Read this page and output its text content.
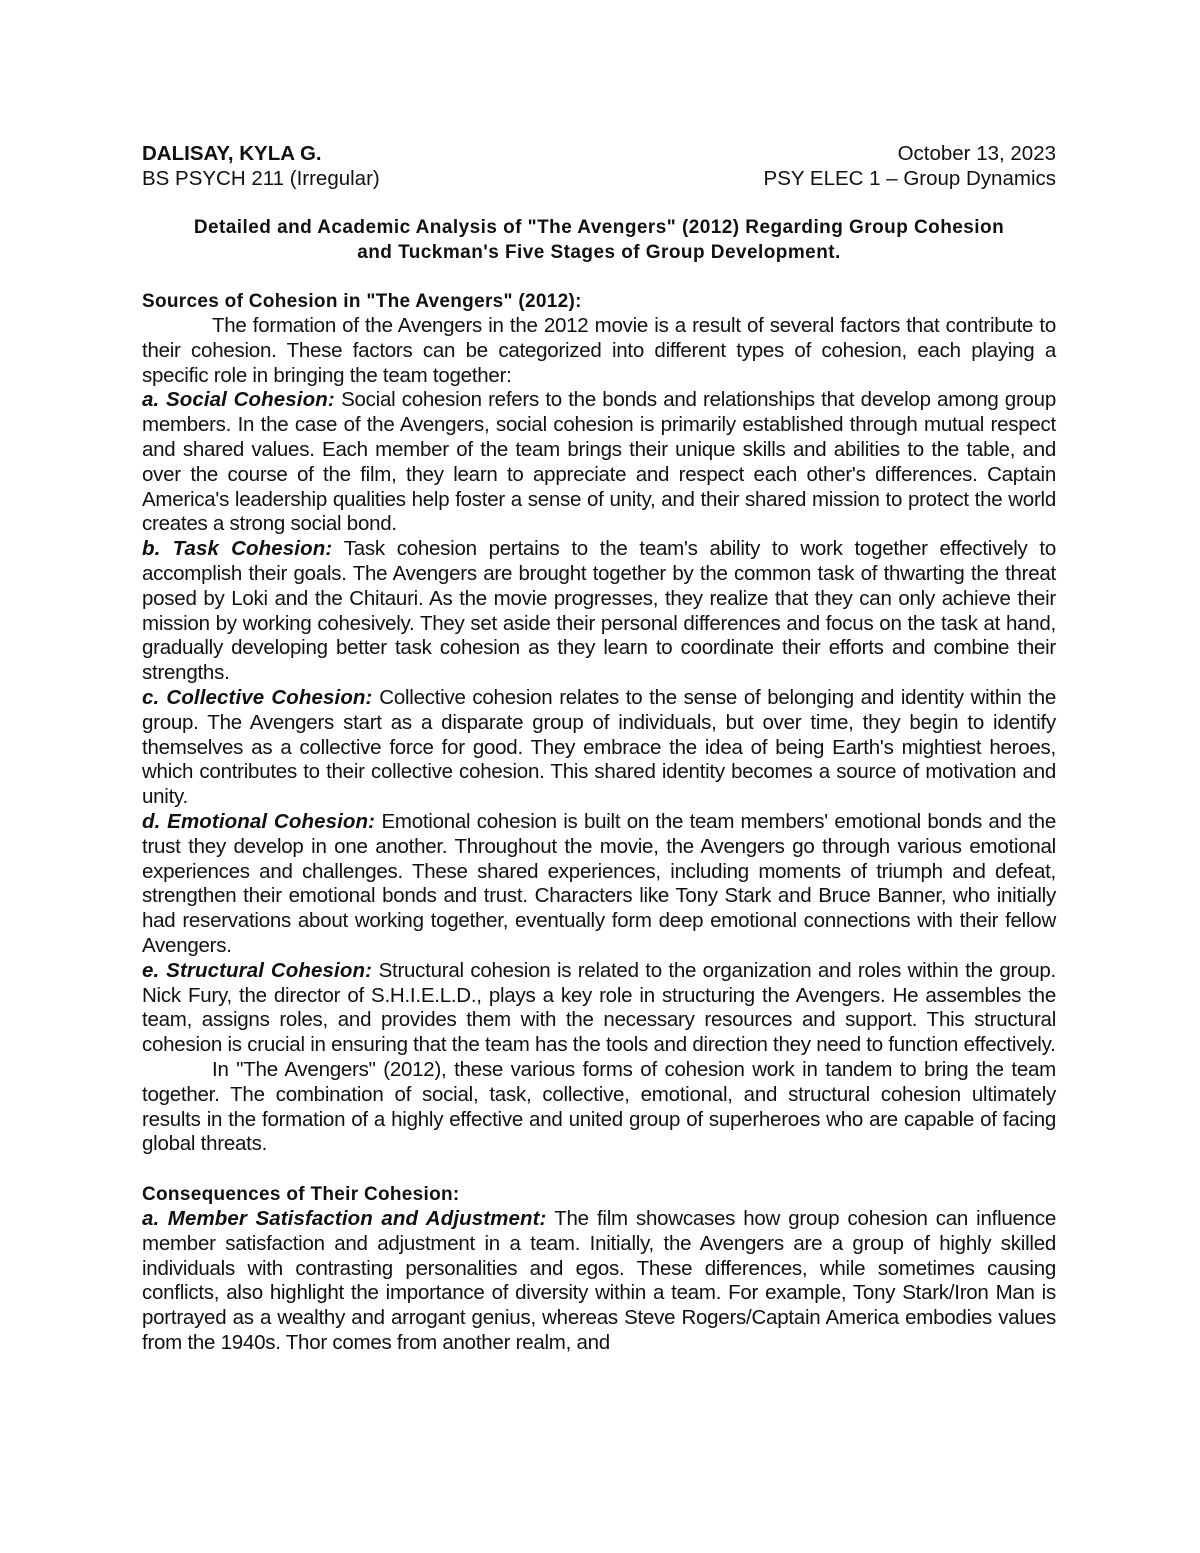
DALISAY, KYLA G.	October 13, 2023
BS PSYCH 211 (Irregular)	PSY ELEC 1 – Group Dynamics
Detailed and Academic Analysis of "The Avengers" (2012) Regarding Group Cohesion
and Tuckman's Five Stages of Group Development.
Sources of Cohesion in "The Avengers" (2012):

The formation of the Avengers in the 2012 movie is a result of several factors that contribute to their cohesion. These factors can be categorized into different types of cohesion, each playing a specific role in bringing the team together:

a. Social Cohesion: Social cohesion refers to the bonds and relationships that develop among group members. In the case of the Avengers, social cohesion is primarily established through mutual respect and shared values. Each member of the team brings their unique skills and abilities to the table, and over the course of the film, they learn to appreciate and respect each other's differences. Captain America's leadership qualities help foster a sense of unity, and their shared mission to protect the world creates a strong social bond.

b. Task Cohesion: Task cohesion pertains to the team's ability to work together effectively to accomplish their goals. The Avengers are brought together by the common task of thwarting the threat posed by Loki and the Chitauri. As the movie progresses, they realize that they can only achieve their mission by working cohesively. They set aside their personal differences and focus on the task at hand, gradually developing better task cohesion as they learn to coordinate their efforts and combine their strengths.

c. Collective Cohesion: Collective cohesion relates to the sense of belonging and identity within the group. The Avengers start as a disparate group of individuals, but over time, they begin to identify themselves as a collective force for good. They embrace the idea of being Earth's mightiest heroes, which contributes to their collective cohesion. This shared identity becomes a source of motivation and unity.

d. Emotional Cohesion: Emotional cohesion is built on the team members' emotional bonds and the trust they develop in one another. Throughout the movie, the Avengers go through various emotional experiences and challenges. These shared experiences, including moments of triumph and defeat, strengthen their emotional bonds and trust. Characters like Tony Stark and Bruce Banner, who initially had reservations about working together, eventually form deep emotional connections with their fellow Avengers.

e. Structural Cohesion: Structural cohesion is related to the organization and roles within the group. Nick Fury, the director of S.H.I.E.L.D., plays a key role in structuring the Avengers. He assembles the team, assigns roles, and provides them with the necessary resources and support. This structural cohesion is crucial in ensuring that the team has the tools and direction they need to function effectively.

In "The Avengers" (2012), these various forms of cohesion work in tandem to bring the team together. The combination of social, task, collective, emotional, and structural cohesion ultimately results in the formation of a highly effective and united group of superheroes who are capable of facing global threats.

Consequences of Their Cohesion:

a. Member Satisfaction and Adjustment: The film showcases how group cohesion can influence member satisfaction and adjustment in a team. Initially, the Avengers are a group of highly skilled individuals with contrasting personalities and egos. These differences, while sometimes causing conflicts, also highlight the importance of diversity within a team. For example, Tony Stark/Iron Man is portrayed as a wealthy and arrogant genius, whereas Steve Rogers/Captain America embodies values from the 1940s. Thor comes from another realm, and
